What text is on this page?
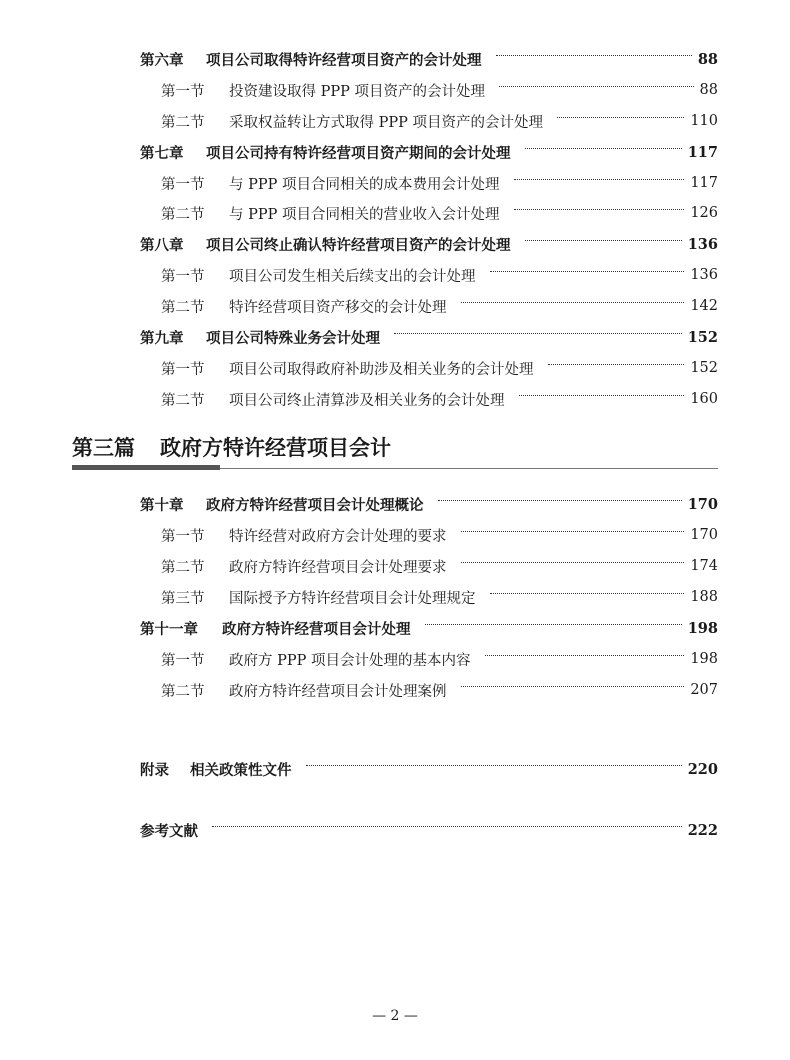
第六章 项目公司取得特许经营项目资产的会计处理	88
第一节 投资建设取得 PPP 项目资产的会计处理	88
第二节 采取权益转让方式取得 PPP 项目资产的会计处理	110
第七章 项目公司持有特许经营项目资产期间的会计处理	117
第一节 与 PPP 项目合同相关的成本费用会计处理	117
第二节 与 PPP 项目合同相关的营业收入会计处理	126
第八章 项目公司终止确认特许经营项目资产的会计处理	136
第一节 项目公司发生相关后续支出的会计处理	136
第二节 特许经营项目资产移交的会计处理	142
第九章 项目公司特殊业务会计处理	152
第一节 项目公司取得政府补助涉及相关业务的会计处理	152
第二节 项目公司终止清算涉及相关业务的会计处理	160
第三篇 政府方特许经营项目会计
第十章 政府方特许经营项目会计处理概论	170
第一节 特许经营对政府方会计处理的要求	170
第二节 政府方特许经营项目会计处理要求	174
第三节 国际授予方特许经营项目会计处理规定	188
第十一章 政府方特许经营项目会计处理	198
第一节 政府方 PPP 项目会计处理的基本内容	198
第二节 政府方特许经营项目会计处理案例	207
附录 相关政策性文件	220
参考文献	222
— 2 —
